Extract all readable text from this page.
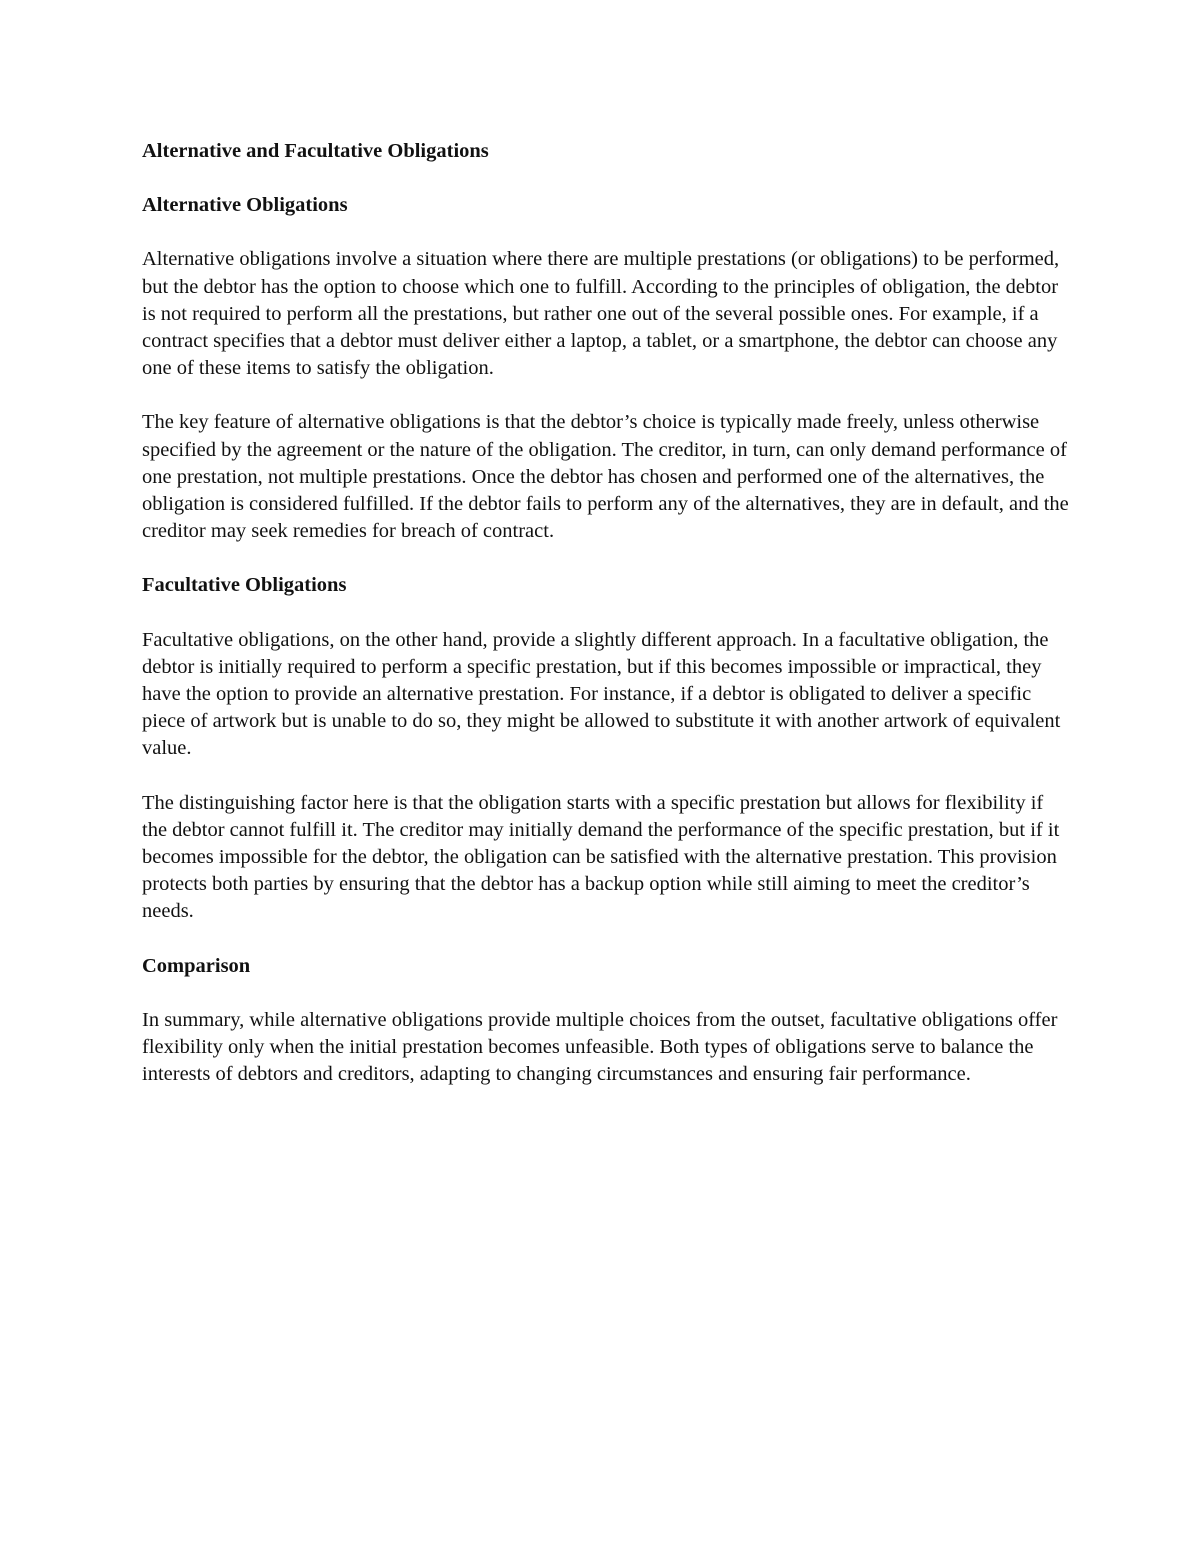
Alternative and Facultative Obligations
Alternative Obligations

Alternative obligations involve a situation where there are multiple prestations (or obligations) to be performed, but the debtor has the option to choose which one to fulfill. According to the principles of obligation, the debtor is not required to perform all the prestations, but rather one out of the several possible ones. For example, if a contract specifies that a debtor must deliver either a laptop, a tablet, or a smartphone, the debtor can choose any one of these items to satisfy the obligation.

The key feature of alternative obligations is that the debtor’s choice is typically made freely, unless otherwise specified by the agreement or the nature of the obligation. The creditor, in turn, can only demand performance of one prestation, not multiple prestations. Once the debtor has chosen and performed one of the alternatives, the obligation is considered fulfilled. If the debtor fails to perform any of the alternatives, they are in default, and the creditor may seek remedies for breach of contract.

Facultative Obligations

Facultative obligations, on the other hand, provide a slightly different approach. In a facultative obligation, the debtor is initially required to perform a specific prestation, but if this becomes impossible or impractical, they have the option to provide an alternative prestation. For instance, if a debtor is obligated to deliver a specific piece of artwork but is unable to do so, they might be allowed to substitute it with another artwork of equivalent value.

The distinguishing factor here is that the obligation starts with a specific prestation but allows for flexibility if the debtor cannot fulfill it. The creditor may initially demand the performance of the specific prestation, but if it becomes impossible for the debtor, the obligation can be satisfied with the alternative prestation. This provision protects both parties by ensuring that the debtor has a backup option while still aiming to meet the creditor’s needs.

Comparison

In summary, while alternative obligations provide multiple choices from the outset, facultative obligations offer flexibility only when the initial prestation becomes unfeasible. Both types of obligations serve to balance the interests of debtors and creditors, adapting to changing circumstances and ensuring fair performance.
